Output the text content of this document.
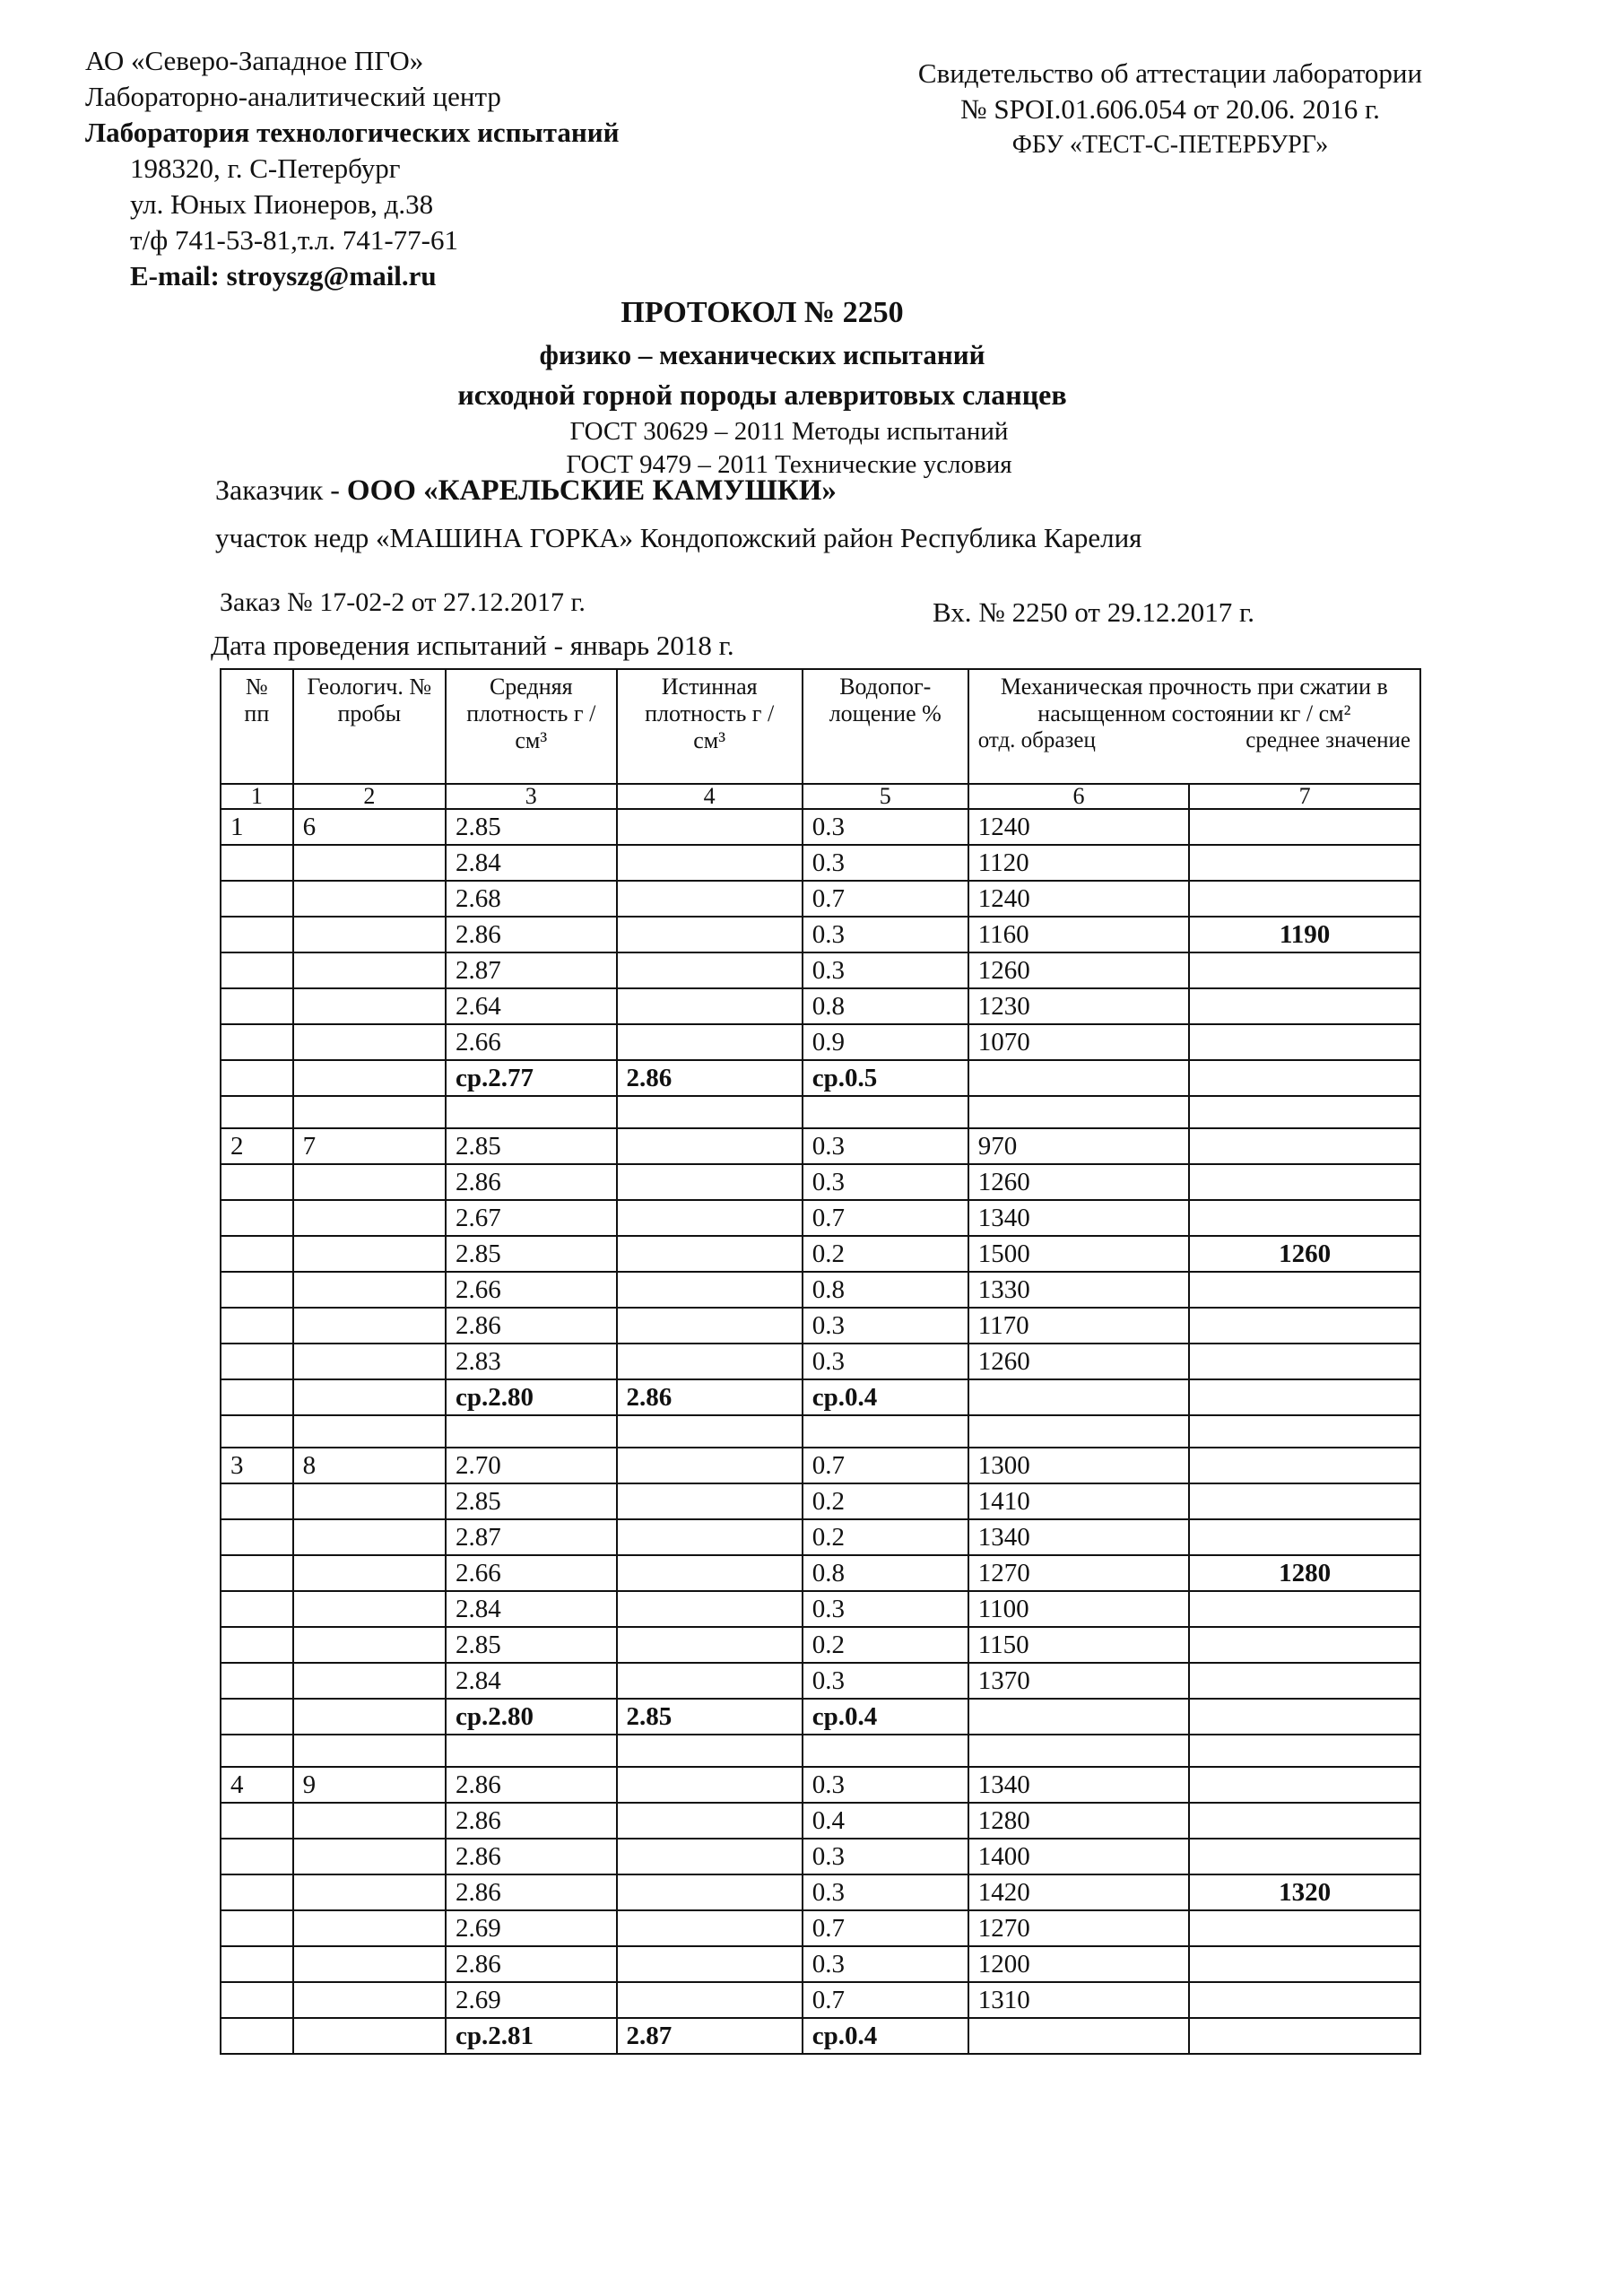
АО «Северо-Западное ПГО»
Лабораторно-аналитический центр
Лаборатория технологических испытаний
198320, г. С-Петербург
ул. Юных Пионеров, д.38
т/ф 741-53-81,т.л. 741-77-61
E-mail: stroyszg@mail.ru
Свидетельство об аттестации лаборатории
№ SPOI.01.606.054 от 20.06. 2016 г.
ФБУ «ТЕСТ-С-ПЕТЕРБУРГ»
ПРОТОКОЛ № 2250
физико – механических испытаний
исходной горной породы алевритовых сланцев
ГОСТ 30629 – 2011 Методы испытаний
ГОСТ 9479 – 2011 Технические условия
Заказчик - ООО «КАРЕЛЬСКИЕ КАМУШКИ»
участок недр «МАШИНА ГОРКА» Кондопожский район Республика Карелия
Заказ № 17-02-2 от 27.12.2017 г.	Вх. № 2250 от 29.12.2017 г.
Дата проведения испытаний - январь 2018 г.
№ пп	Геологич. № пробы	Средняя плотность г / см³	Истинная плотность г / см³	Водопог-лощение %	Механическая прочность при сжатии в насыщенном состоянии кг / см²
отд. образец среднее значение	

1	2	3	4	5	6	7
1	6	2.85		0.3	1240	
		2.84		0.3	1120	
		2.68		0.7	1240	
		2.86		0.3	1160	1190
		2.87		0.3	1260	
		2.64		0.8	1230	
		2.66		0.9	1070	
		ср.2.77	2.86	ср.0.5		

2	7	2.85		0.3	970	
		2.86		0.3	1260	
		2.67		0.7	1340	
		2.85		0.2	1500	1260
		2.66		0.8	1330	
		2.86		0.3	1170	
		2.83		0.3	1260	
		ср.2.80	2.86	ср.0.4		

3	8	2.70		0.7	1300	
		2.85		0.2	1410	
		2.87		0.2	1340	
		2.66		0.8	1270	1280
		2.84		0.3	1100	
		2.85		0.2	1150	
		2.84		0.3	1370	
		ср.2.80	2.85	ср.0.4		

4	9	2.86		0.3	1340	
		2.86		0.4	1280	
		2.86		0.3	1400	
		2.86		0.3	1420	1320
		2.69		0.7	1270	
		2.86		0.3	1200	
		2.69		0.7	1310	
		ср.2.81	2.87	ср.0.4		
